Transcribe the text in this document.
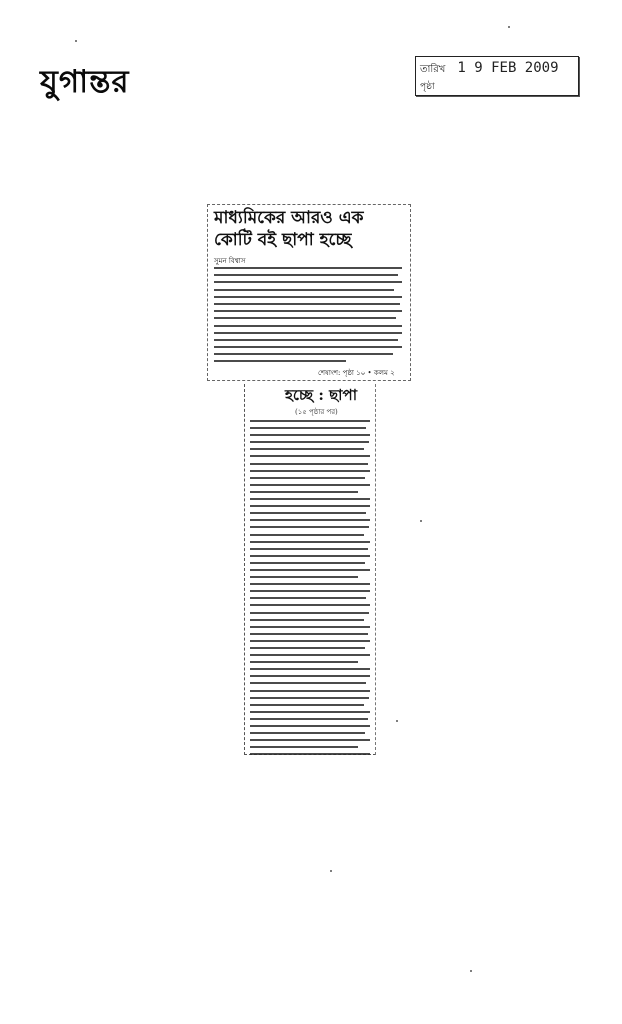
যুগান্তর	তারিখ 1 9 FEB 2009
পৃষ্ঠা
মাধ্যমিকের আরও এক কোটি বই ছাপা হচ্ছে
সুমন বিশ্বাস
শেষাংশ: পৃষ্ঠা ১০ • কলম ২
হচ্ছে : ছাপা
(১৫ পৃষ্ঠার পর)
